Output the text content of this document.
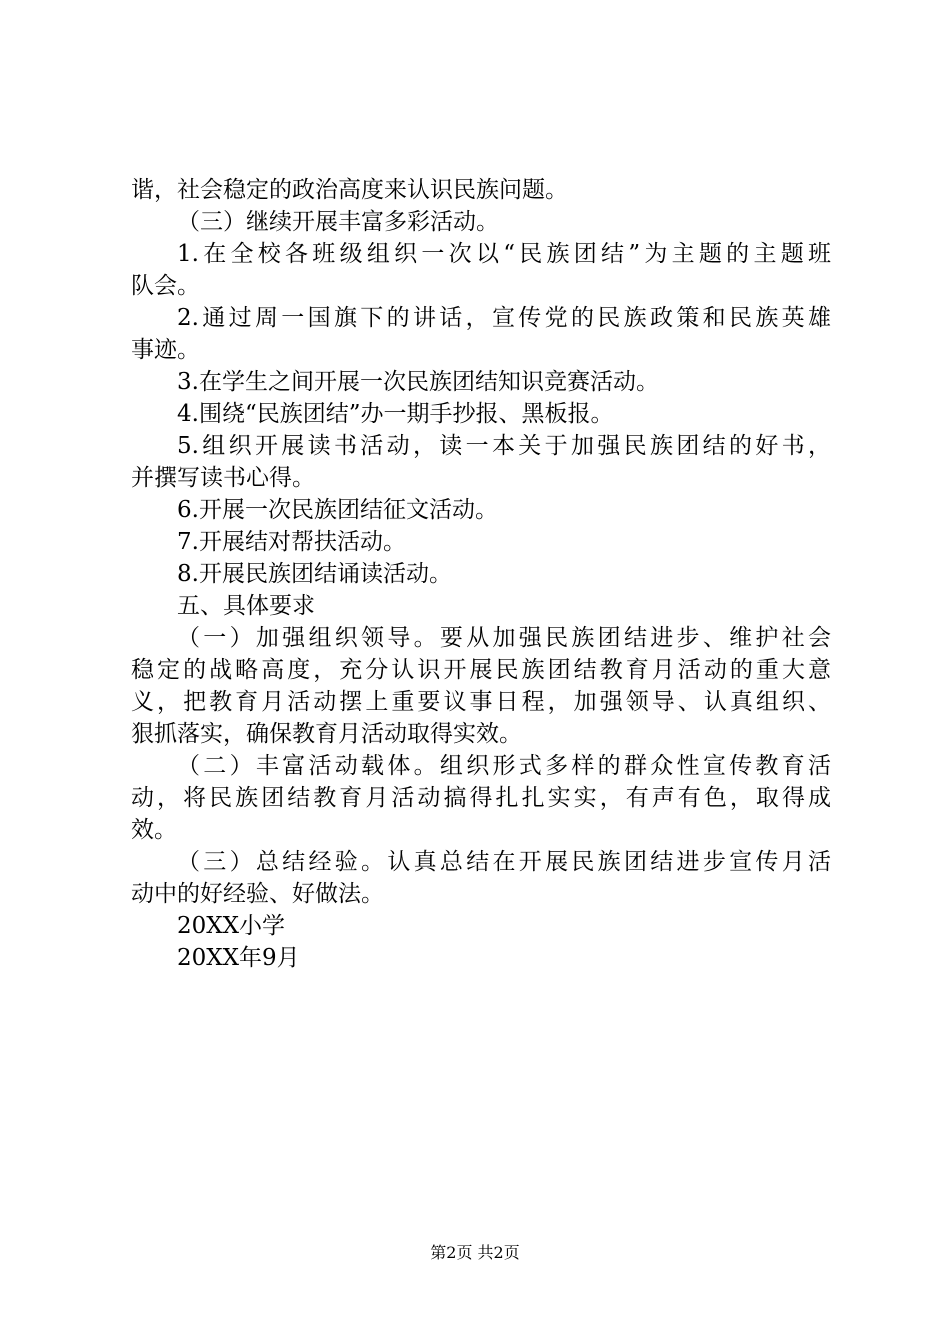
谐，社会稳定的政治高度来认识民族问题。
（三）继续开展丰富多彩活动。
1.在全校各班级组织一次以“民族团结”为主题的主题班
队会。
2.通过周一国旗下的讲话，宣传党的民族政策和民族英雄
事迹。
3.在学生之间开展一次民族团结知识竞赛活动。
4.围绕“民族团结”办一期手抄报、黑板报。
5.组织开展读书活动，读一本关于加强民族团结的好书，
并撰写读书心得。
6.开展一次民族团结征文活动。
7.开展结对帮扶活动。
8.开展民族团结诵读活动。
五、具体要求
（一）加强组织领导。要从加强民族团结进步、维护社会
稳定的战略高度，充分认识开展民族团结教育月活动的重大意
义，把教育月活动摆上重要议事日程，加强领导、认真组织、
狠抓落实，确保教育月活动取得实效。
（二）丰富活动载体。组织形式多样的群众性宣传教育活
动，将民族团结教育月活动搞得扎扎实实，有声有色，取得成
效。
（三）总结经验。认真总结在开展民族团结进步宣传月活
动中的好经验、好做法。
20XX小学
20XX年9月
第2页 共2页
